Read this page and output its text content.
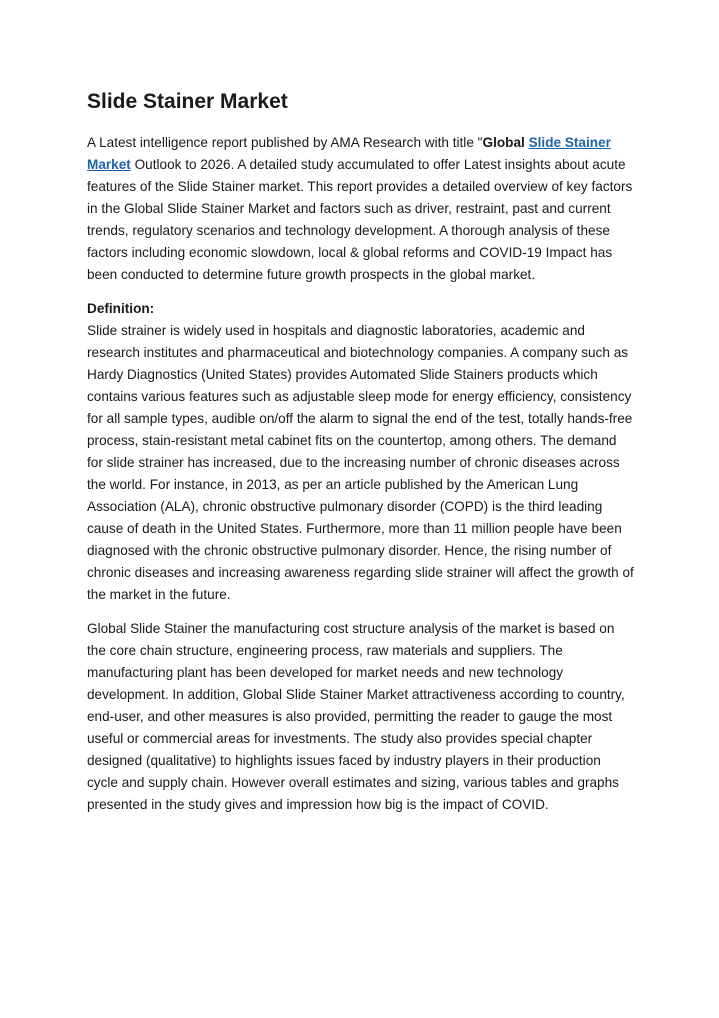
Slide Stainer Market

A Latest intelligence report published by AMA Research with title "Global Slide Stainer Market Outlook to 2026. A detailed study accumulated to offer Latest insights about acute features of the Slide Stainer market. This report provides a detailed overview of key factors in the Global Slide Stainer Market and factors such as driver, restraint, past and current trends, regulatory scenarios and technology development. A thorough analysis of these factors including economic slowdown, local & global reforms and COVID-19 Impact has been conducted to determine future growth prospects in the global market.

Definition:
Slide strainer is widely used in hospitals and diagnostic laboratories, academic and research institutes and pharmaceutical and biotechnology companies. A company such as Hardy Diagnostics (United States) provides Automated Slide Stainers products which contains various features such as adjustable sleep mode for energy efficiency, consistency for all sample types, audible on/off the alarm to signal the end of the test, totally hands-free process, stain-resistant metal cabinet fits on the countertop, among others. The demand for slide strainer has increased, due to the increasing number of chronic diseases across the world. For instance, in 2013, as per an article published by the American Lung Association (ALA), chronic obstructive pulmonary disorder (COPD) is the third leading cause of death in the United States. Furthermore, more than 11 million people have been diagnosed with the chronic obstructive pulmonary disorder. Hence, the rising number of chronic diseases and increasing awareness regarding slide strainer will affect the growth of the market in the future.

Global Slide Stainer the manufacturing cost structure analysis of the market is based on the core chain structure, engineering process, raw materials and suppliers. The manufacturing plant has been developed for market needs and new technology development. In addition, Global Slide Stainer Market attractiveness according to country, end-user, and other measures is also provided, permitting the reader to gauge the most useful or commercial areas for investments. The study also provides special chapter designed (qualitative) to highlights issues faced by industry players in their production cycle and supply chain. However overall estimates and sizing, various tables and graphs presented in the study gives and impression how big is the impact of COVID.
